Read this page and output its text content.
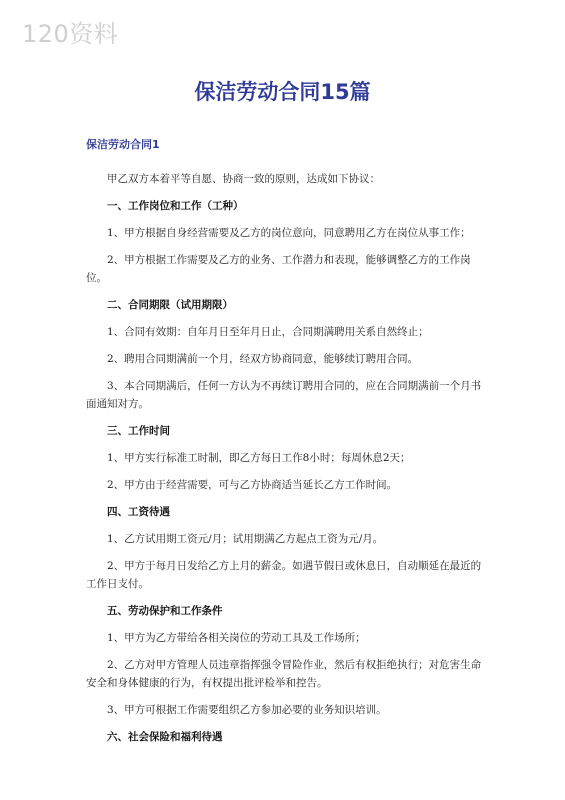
120资料
保洁劳动合同15篇
保洁劳动合同1

甲乙双方本着平等自愿、协商一致的原则，达成如下协议：

一、工作岗位和工作（工种）

1、甲方根据自身经营需要及乙方的岗位意向，同意聘用乙方在岗位从事工作；

2、甲方根据工作需要及乙方的业务、工作潜力和表现，能够调整乙方的工作岗位。

二、合同期限（试用期限）

1、合同有效期：自年月日至年月日止，合同期满聘用关系自然终止；

2、聘用合同期满前一个月，经双方协商同意，能够续订聘用合同。

3、本合同期满后，任何一方认为不再续订聘用合同的，应在合同期满前一个月书面通知对方。

三、工作时间

1、甲方实行标准工时制，即乙方每日工作8小时；每周休息2天；

2、甲方由于经营需要，可与乙方协商适当延长乙方工作时间。

四、工资待遇

1、乙方试用期工资元/月；试用期满乙方起点工资为元/月。

2、甲方于每月日发给乙方上月的薪金。如遇节假日或休息日，自动顺延在最近的工作日支付。

五、劳动保护和工作条件

1、甲方为乙方带给各相关岗位的劳动工具及工作场所；

2、乙方对甲方管理人员违章指挥强令冒险作业，然后有权拒绝执行；对危害生命安全和身体健康的行为，有权提出批评检举和控告。

3、甲方可根据工作需要组织乙方参加必要的业务知识培训。

六、社会保险和福利待遇
